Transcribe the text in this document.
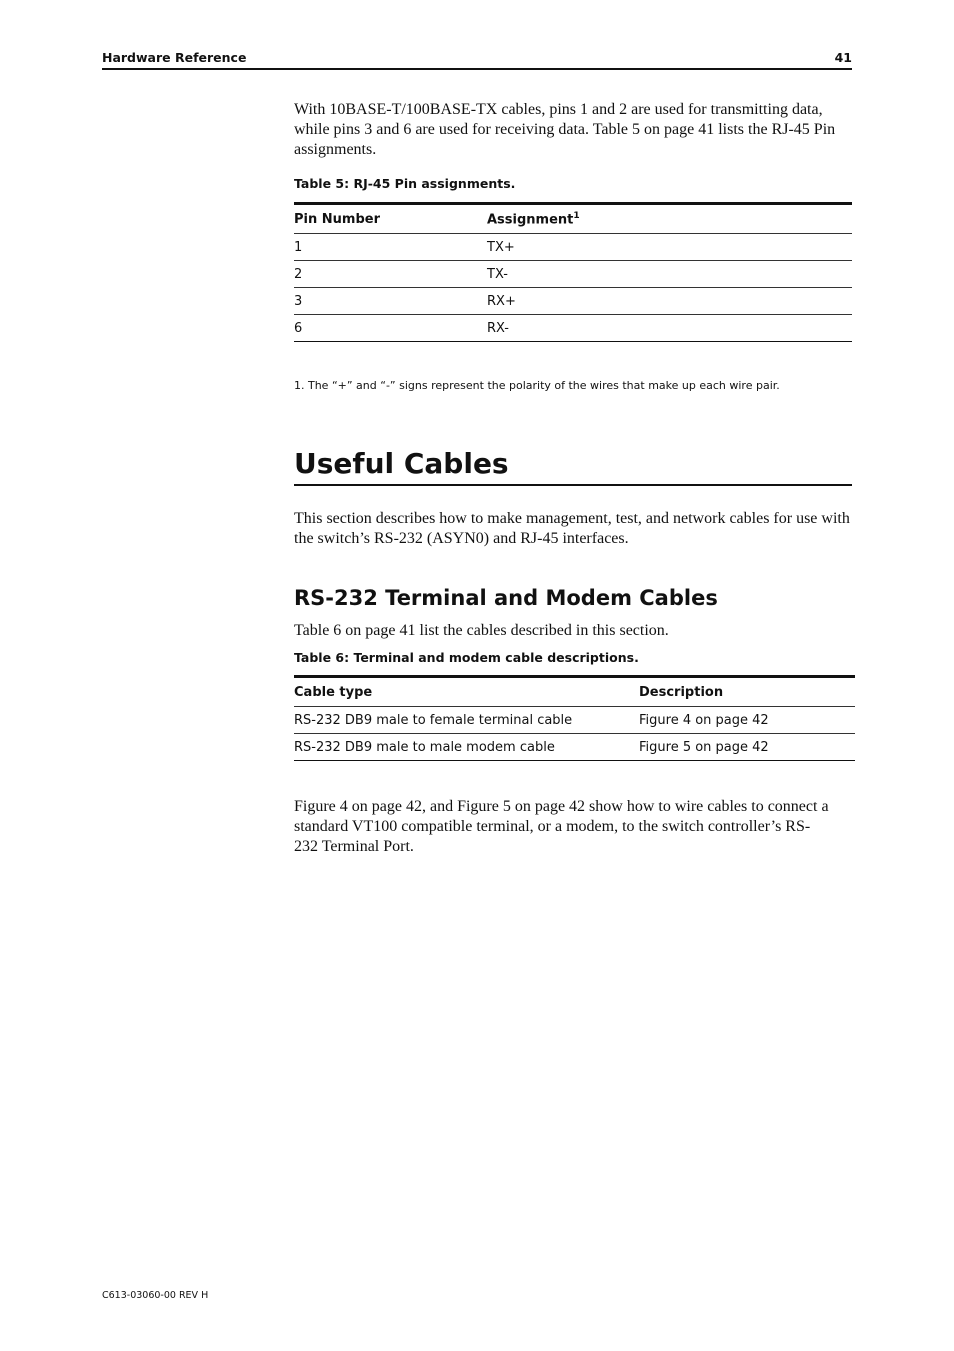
Hardware Reference	41

With 10BASE-T/100BASE-TX cables, pins 1 and 2 are used for transmitting data, while pins 3 and 6 are used for receiving data. Table 5 on page 41 lists the RJ-45 Pin assignments.

Table 5: RJ-45 Pin assignments.
Pin Number	Assignment$^1$
1	TX+
2	TX-
3	RX+
6	RX-
1. The “+” and “-” signs represent the polarity of the wires that make up each wire pair.
Useful Cables

This section describes how to make management, test, and network cables for use with the switch’s RS-232 (ASYN0) and RJ-45 interfaces.

RS-232 Terminal and Modem Cables

Table 6 on page 41 list the cables described in this section.

Table 6: Terminal and modem cable descriptions.
Cable type	Description
RS-232 DB9 male to female terminal cable	Figure 4 on page 42
RS-232 DB9 male to male modem cable	Figure 5 on page 42

Figure 4 on page 42, and Figure 5 on page 42 show how to wire cables to connect a standard VT100 compatible terminal, or a modem, to the switch controller’s RS-232 Terminal Port.

C613-03060-00 REV H
